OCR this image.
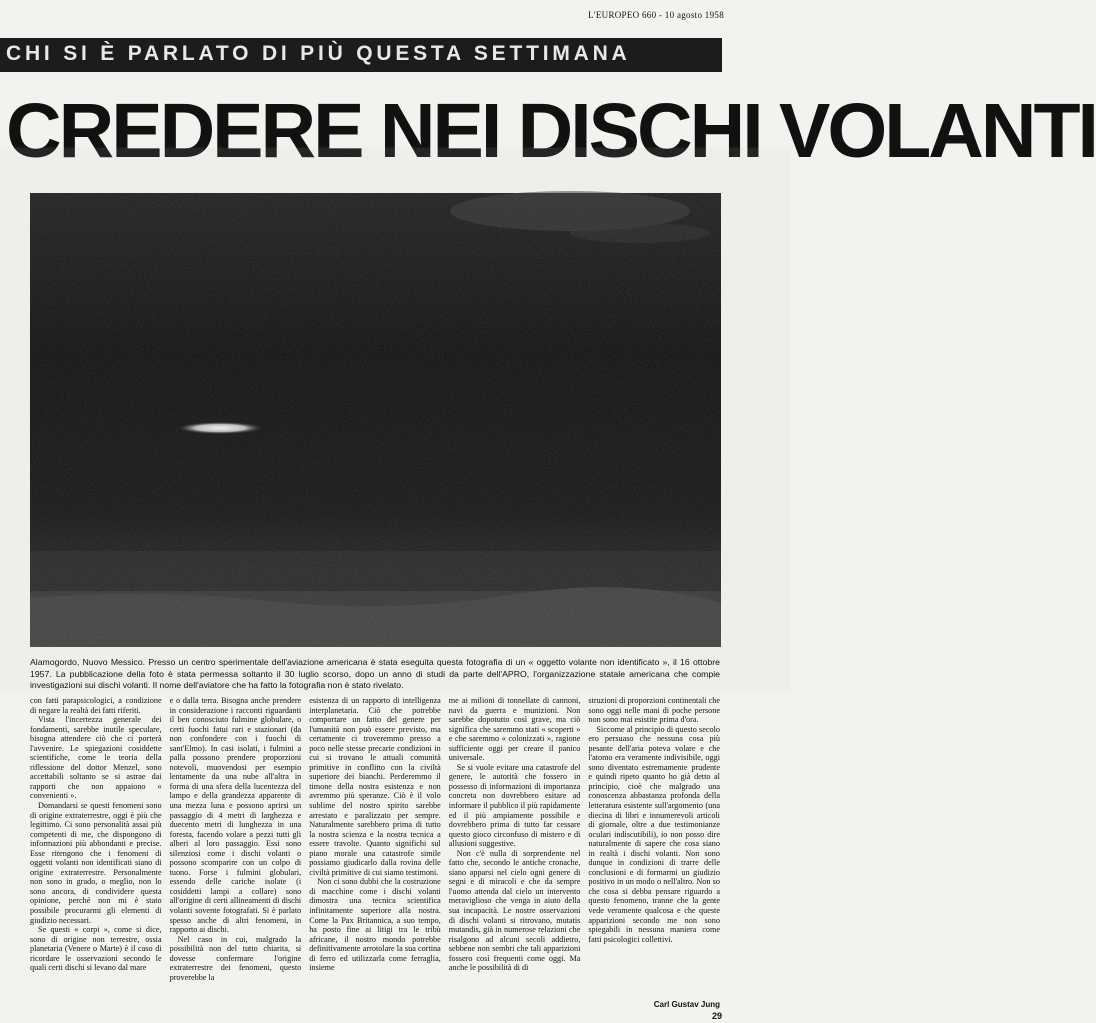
L'EUROPEO 660 - 10 agosto 1958
CHI SI È PARLATO DI PIÙ QUESTA SETTIMANA
CREDERE NEI DISCHI VOLANTI

Alamogordo, Nuovo Messico. Presso un centro sperimentale dell'aviazione americana è stata eseguita questa fotografia di un « oggetto volante non identificato », il 16 ottobre 1957. La pubblicazione della foto è stata permessa soltanto il 30 luglio scorso, dopo un anno di studi da parte dell'APRO, l'organizzazione statale americana che compie investigazioni sui dischi volanti. Il nome dell'aviatore che ha fatto la fotografia non è stato rivelato.

con fatti parapsicologici, a condizione di negare la realtà dei fatti riferiti.

Vista l'incertezza generale dei fondamenti, sarebbe inutile speculare, bisogna attendere ciò che ci porterà l'avvenire. Le spiegazioni cosiddette scientifiche, come le teoria della riflessione del dottor Menzel, sono accettabili soltanto se si astrae dai rapporti che non appaiono « convenienti ».

Domandarsi se questi fenomeni sono di origine extraterrestre, oggi è più che legittimo. Ci sono personalità assai più competenti di me, che dispongono di informazioni più abbondanti e precise. Esse ritengono che i fenomeni di oggetti volanti non identificati siano di origine extraterrestre. Personalmente non sono in grado, o meglio, non lo sono ancora, di condividere questa opinione, perché non mi è stato possibile procurarmi gli elementi di giudizio necessari.

Se questi « corpi », come si dice, sono di origine non terrestre, ossia planetaria (Venere o Marte) è il caso di ricordare le osservazioni secondo le quali certi dischi si levano dal mare

e o dalla terra. Bisogna anche prendere in considerazione i racconti riguardanti il ben conosciuto fulmine globulare, o certi fuochi fatui rari e stazionari (da non confondere con i fuochi di sant'Elmo). In casi isolati, i fulmini a palla possono prendere proporzioni notevoli, muovendosi per esempio lentamente da una nube all'altra in forma di una sfera della lucentezza del lampo e della grandezza apparente di una mezza luna e possono aprirsi un passaggio di 4 metri di larghezza e duecento metri di lunghezza in una foresta, facendo volare a pezzi tutti gli alberi al loro passaggio. Essi sono silenziosi come i dischi volanti o possono scomparire con un colpo di tuono. Forse i fulmini globulari, essendo delle cariche isolate (i cosiddetti lampi a collare) sono all'origine di certi allineamenti di dischi volanti sovente fotografati. Si è parlato spesso anche di altri fenomeni, in rapporto ai dischi.

Nel caso in cui, malgrado la possibilità non del tutto chiarita, si dovesse confermare l'origine extraterrestre dei fenomeni, questo proverebbe la

esistenza di un rapporto di intelligenza interplanetaria. Ciò che potrebbe comportare un fatto del genere per l'umanità non può essere previsto, ma certamente ci troveremmo presso a poco nelle stesse precarie condizioni in cui si trovano le attuali comunità primitive in conflitto con la civiltà superiore dei bianchi. Perderemmo il timone della nostra esistenza e non avremmo più speranze. Ciò è il volo sublime del nostro spirito sarebbe arrestato e paralizzato per sempre. Naturalmente sarebbero prima di tutto la nostra scienza e la nostra tecnica a essere travolte. Quanto significhi sul piano morale una catastrofe simile possiamo giudicarlo dalla rovina delle civiltà primitive di cui siamo testimoni.

Non ci sono dubbi che la costruzione di macchine come i dischi volanti dimostra una tecnica scientifica infinitamente superiore alla nostra. Come la Pax Britannica, a suo tempo, ha posto fine ai litigi tra le tribù africane, il nostro mondo potrebbe definitivamente arrotolare la sua cortina di ferro ed utilizzarla come ferraglia, insieme

me ai milioni di tonnellate di cannoni, navi da guerra e munizioni. Non sarebbe dopotutto così grave, ma ciò significa che saremmo stati « scoperti » e che saremmo « colonizzati », ragione sufficiente oggi per creare il panico universale.

Se si vuole evitare una catastrofe del genere, le autorità che fossero in possesso di informazioni di importanza concreta non dovrebbero esitare ad informare il pubblico il più rapidamente ed il più ampiamente possibile e dovrebbero prima di tutto far cessare questo gioco circonfuso di mistero e di allusioni suggestive.

Non c'è nulla di sorprendente nel fatto che, secondo le antiche cronache, siano apparsi nel cielo ogni genere di segni e di miracoli e che da sempre l'uomo attenda dal cielo un intervento meraviglioso che venga in aiuto della sua incapacità. Le nostre osservazioni di dischi volanti si ritrovano, mutatis mutandis, già in numerose relazioni che risalgono ad alcuni secoli addietro, sebbene non sembri che tali apparizioni fossero così frequenti come oggi. Ma anche le possibilità di di

struzioni di proporzioni continentali che sono oggi nelle mani di poche persone non sono mai esistite prima d'ora.

Siccome al principio di questo secolo ero persuaso che nessuna cosa più pesante dell'aria poteva volare e che l'atomo era veramente indivisibile, oggi sono diventato estremamente prudente e quindi ripeto quanto ho già detto al principio, cioè che malgrado una conoscenza abbastanza profonda della letteratura esistente sull'argomento (una diecina di libri e innumerevoli articoli di giornale, oltre a due testimonianze oculari indiscutibili), io non posso dire naturalmente di sapere che cosa siano in realtà i dischi volanti. Non sono dunque in condizioni di trarre delle conclusioni e di formarmi un giudizio positivo in un modo o nell'altro. Non so che cosa si debba pensare riguardo a questo fenomeno, tranne che la gente vede veramente qualcosa e che queste apparizioni secondo me non sono spiegabili in nessuna maniera come fatti psicologici collettivi.

Carl Gustav Jung
29
